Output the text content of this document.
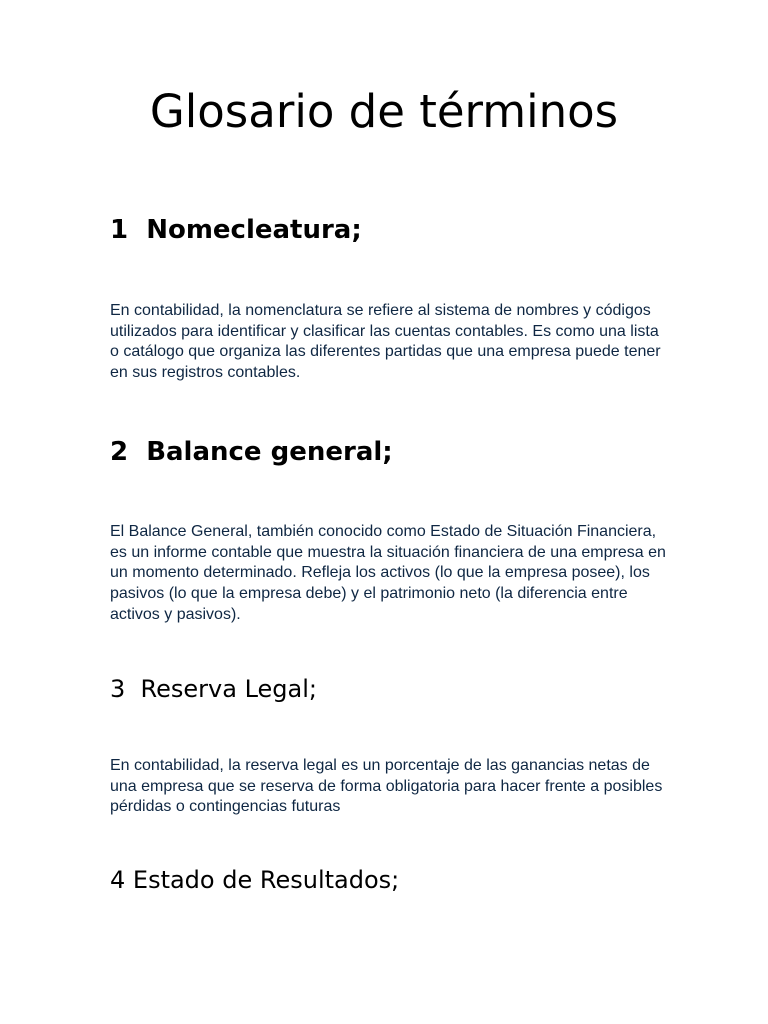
Glosario de términos
1  Nomecleatura;

En contabilidad, la nomenclatura se refiere al sistema de nombres y códigos utilizados para identificar y clasificar las cuentas contables. Es como una lista o catálogo que organiza las diferentes partidas que una empresa puede tener en sus registros contables.

2  Balance general;

El Balance General, también conocido como Estado de Situación Financiera, es un informe contable que muestra la situación financiera de una empresa en un momento determinado. Refleja los activos (lo que la empresa posee), los pasivos (lo que la empresa debe) y el patrimonio neto (la diferencia entre activos y pasivos).

3  Reserva Legal;

En contabilidad, la reserva legal es un porcentaje de las ganancias netas de una empresa que se reserva de forma obligatoria para hacer frente a posibles pérdidas o contingencias futuras

4 Estado de Resultados;
